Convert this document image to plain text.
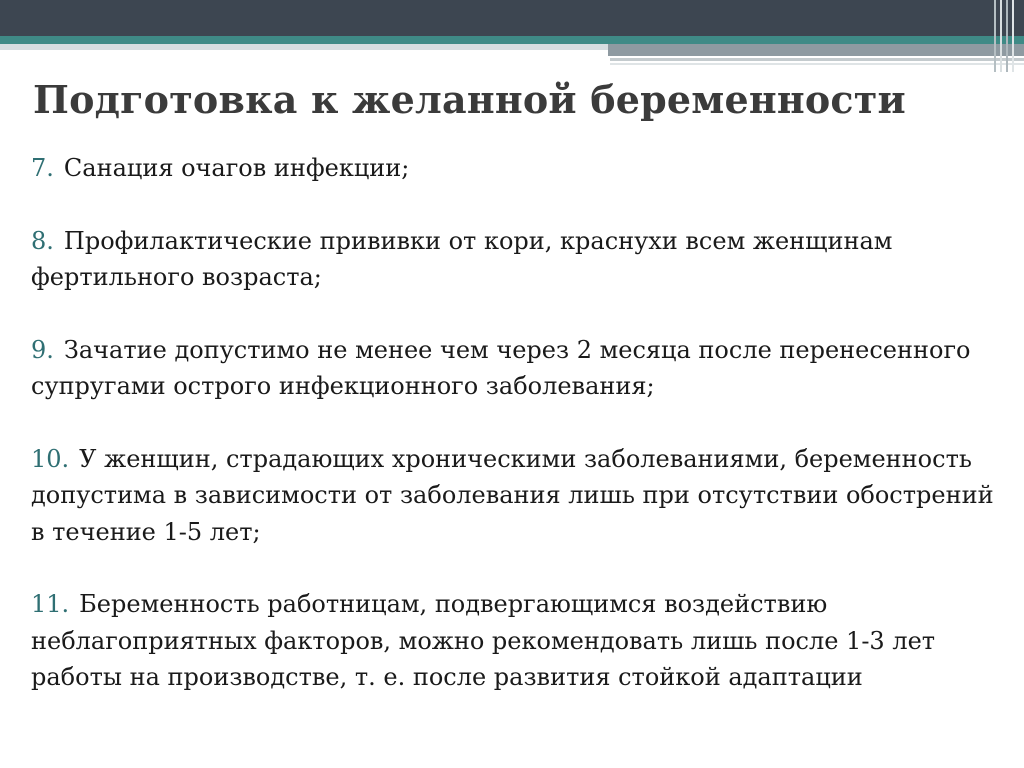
Подготовка к желанной беременности
7. Санация очагов инфекции;
8. Профилактические прививки от кори, краснухи всем женщинам фертильного возраста;
9. Зачатие допустимо не менее чем через 2 месяца после перенесенного супругами острого инфекционного заболевания;
10. У женщин, страдающих хроническими заболеваниями, беременность допустима в зависимости от заболевания лишь при отсутствии обострений в течение 1-5 лет;
11. Беременность работницам, подвергающимся воздействию неблагоприятных факторов, можно рекомендовать лишь после 1-3 лет работы на производстве, т. е. после развития стойкой адаптации
